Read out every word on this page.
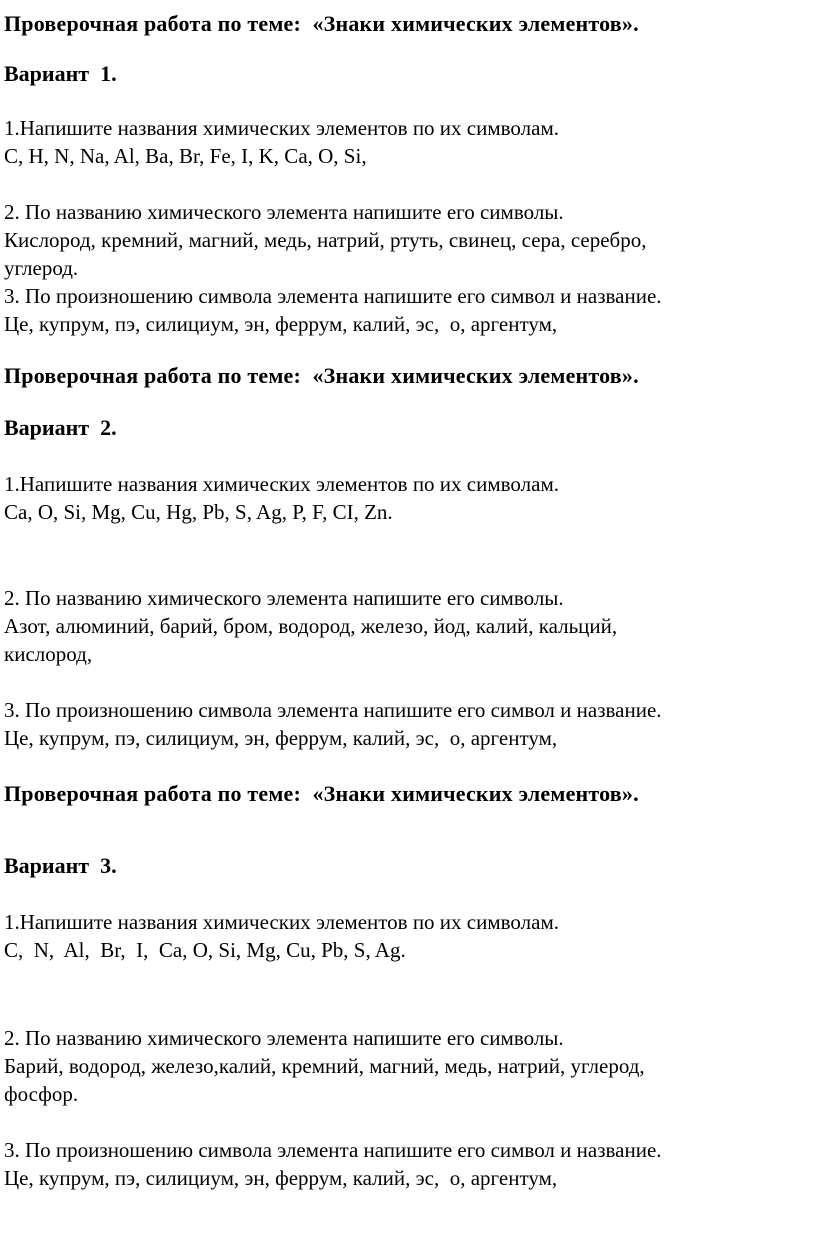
Проверочная работа по теме:  «Знаки химических элементов».
Вариант  1.
1.Напишите названия химических элементов по их символам.
C, H, N, Na, Al, Ba, Br, Fe, I, K, Ca, O, Si,
2. По названию химического элемента напишите его символы.
Кислород, кремний, магний, медь, натрий, ртуть, свинец, сера, серебро,
углерод.
3. По произношению символа элемента напишите его символ и название.
Це, купрум, пэ, силициум, эн, феррум, калий, эс,  о, аргентум,
Проверочная работа по теме:  «Знаки химических элементов».
Вариант  2.
1.Напишите названия химических элементов по их символам.
Ca, O, Si, Mg, Cu, Hg, Pb, S, Ag, P, F, CI, Zn.
2. По названию химического элемента напишите его символы.
Азот, алюминий, барий, бром, водород, железо, йод, калий, кальций,
кислород,
3. По произношению символа элемента напишите его символ и название.
Це, купрум, пэ, силициум, эн, феррум, калий, эс,  о, аргентум,
Проверочная работа по теме:  «Знаки химических элементов».
Вариант  3.
1.Напишите названия химических элементов по их символам.
C,  N,  Al,  Br,  I,  Ca, O, Si, Mg, Cu, Pb, S, Ag.
2. По названию химического элемента напишите его символы.
Барий, водород, железо,калий, кремний, магний, медь, натрий, углерод,
фосфор.
3. По произношению символа элемента напишите его символ и название.
Це, купрум, пэ, силициум, эн, феррум, калий, эс,  о, аргентум,
